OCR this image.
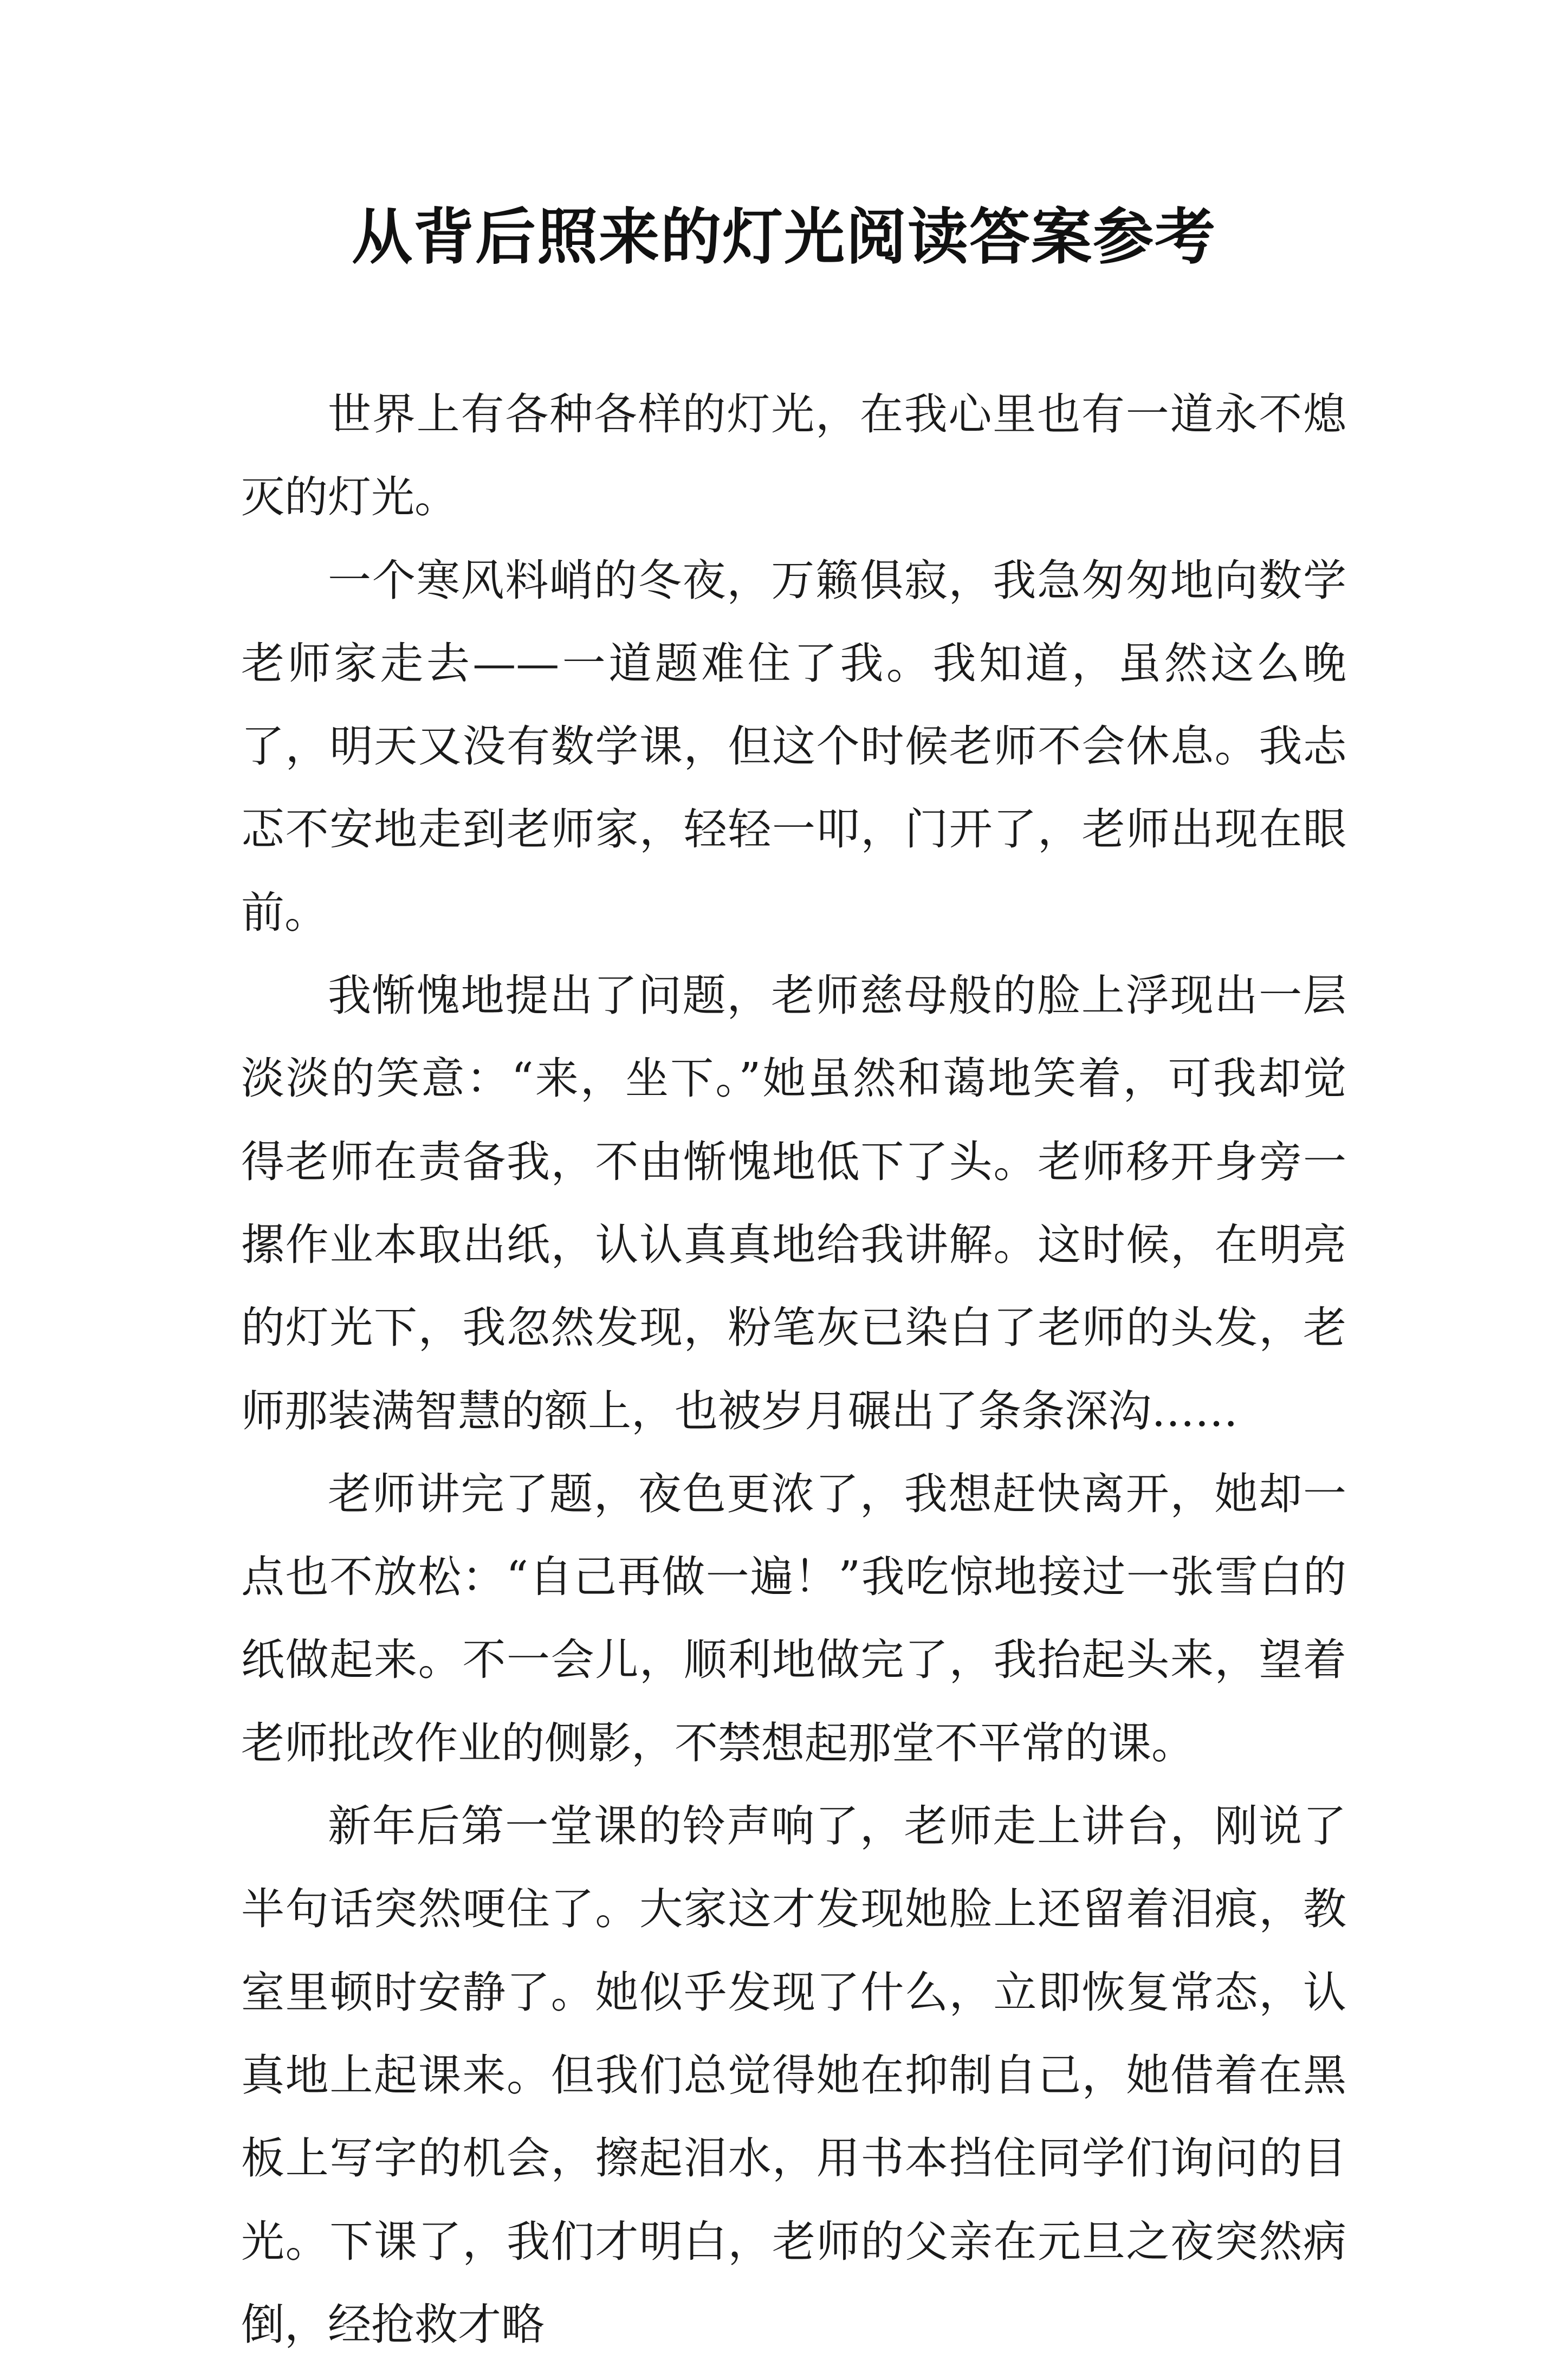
从背后照来的灯光阅读答案参考

世界上有各种各样的灯光，在我心里也有一道永不熄灭的灯光。

一个寒风料峭的冬夜，万籁俱寂，我急匆匆地向数学老师家走去——一道题难住了我。我知道，虽然这么晚了，明天又没有数学课，但这个时候老师不会休息。我忐忑不安地走到老师家，轻轻一叩，门开了，老师出现在眼前。

我惭愧地提出了问题，老师慈母般的脸上浮现出一层淡淡的笑意：“来，坐下。”她虽然和蔼地笑着，可我却觉得老师在责备我，不由惭愧地低下了头。老师移开身旁一摞作业本取出纸，认认真真地给我讲解。这时候，在明亮的灯光下，我忽然发现，粉笔灰已染白了老师的头发，老师那装满智慧的额上，也被岁月碾出了条条深沟……

老师讲完了题，夜色更浓了，我想赶快离开，她却一点也不放松：“自己再做一遍！”我吃惊地接过一张雪白的纸做起来。不一会儿，顺利地做完了，我抬起头来，望着老师批改作业的侧影，不禁想起那堂不平常的课。

新年后第一堂课的铃声响了，老师走上讲台，刚说了半句话突然哽住了。大家这才发现她脸上还留着泪痕，教室里顿时安静了。她似乎发现了什么，立即恢复常态，认真地上起课来。但我们总觉得她在抑制自己，她借着在黑板上写字的机会，擦起泪水，用书本挡住同学们询问的目光。下课了，我们才明白，老师的父亲在元旦之夜突然病倒，经抢救才略
